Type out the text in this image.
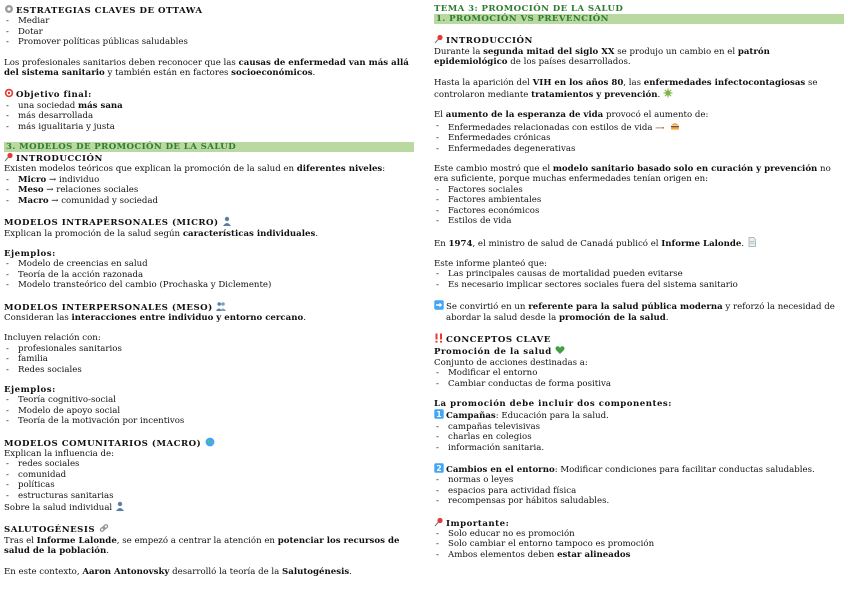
ESTRATEGIAS CLAVES DE OTTAWA

- Mediar
- Dotar
- Promover políticas públicas saludables

Los profesionales sanitarios deben reconocer que las causas de enfermedad van más allá del sistema sanitario y también están en factores socioeconómicos.

Objetivo final:

- una sociedad más sana
- más desarrollada
- más igualitaria y justa
3. MODELOS DE PROMOCIÓN DE LA SALUD

INTRODUCCIÓN

Existen modelos teóricos que explican la promoción de la salud en diferentes niveles:

- Micro → individuo
- Meso → relaciones sociales
- Macro → comunidad y sociedad

MODELOS INTRAPERSONALES (MICRO)

Explican la promoción de la salud según características individuales.

Ejemplos:

- Modelo de creencias en salud
- Teoría de la acción razonada
- Modelo transteórico del cambio (Prochaska y Diclemente)

MODELOS INTERPERSONALES (MESO)

Consideran las interacciones entre individuo y entorno cercano.

Incluyen relación con:

- profesionales sanitarios
- familia
- Redes sociales

Ejemplos:

- Teoría cognitivo-social
- Modelo de apoyo social
- Teoría de la motivación por incentivos

MODELOS COMUNITARIOS (MACRO)

Explican la influencia de:

- redes sociales
- comunidad
- políticas
- estructuras sanitarias

Sobre la salud individual

SALUTOGÉNESIS

Tras el Informe Lalonde, se empezó a centrar la atención en potenciar los recursos de salud de la población.

En este contexto, Aaron Antonovsky desarrolló la teoría de la Salutogénesis.

TEMA 3: PROMOCIÓN DE LA SALUD

1. PROMOCIÓN VS PREVENCIÓN

INTRODUCCIÓN

Durante la segunda mitad del siglo XX se produjo un cambio en el patrón epidemiológico de los países desarrollados.

Hasta la aparición del VIH en los años 80, las enfermedades infectocontagiosas se controlaron mediante tratamientos y prevención.

El aumento de la esperanza de vida provocó el aumento de:

- Enfermedades relacionadas con estilos de vida
- Enfermedades crónicas
- Enfermedades degenerativas

Este cambio mostró que el modelo sanitario basado solo en curación y prevención no era suficiente, porque muchas enfermedades tenían origen en:

- Factores sociales
- Factores ambientales
- Factores económicos
- Estilos de vida

En 1974, el ministro de salud de Canadá publicó el Informe Lalonde.

Este informe planteó que:

- Las principales causas de mortalidad pueden evitarse
- Es necesario implicar sectores sociales fuera del sistema sanitario

Se convirtió en un referente para la salud pública moderna y reforzó la necesidad de abordar la salud desde la promoción de la salud.

CONCEPTOS CLAVE

Promoción de la salud

Conjunto de acciones destinadas a:

- Modificar el entorno
- Cambiar conductas de forma positiva

La promoción debe incluir dos componentes:

1 Campañas: Educación para la salud.

- campañas televisivas
- charlas en colegios
- información sanitaria.

2 Cambios en el entorno: Modificar condiciones para facilitar conductas saludables.

- normas o leyes
- espacios para actividad física
- recompensas por hábitos saludables.

Importante:

- Solo educar no es promoción
- Solo cambiar el entorno tampoco es promoción
- Ambos elementos deben estar alineados
